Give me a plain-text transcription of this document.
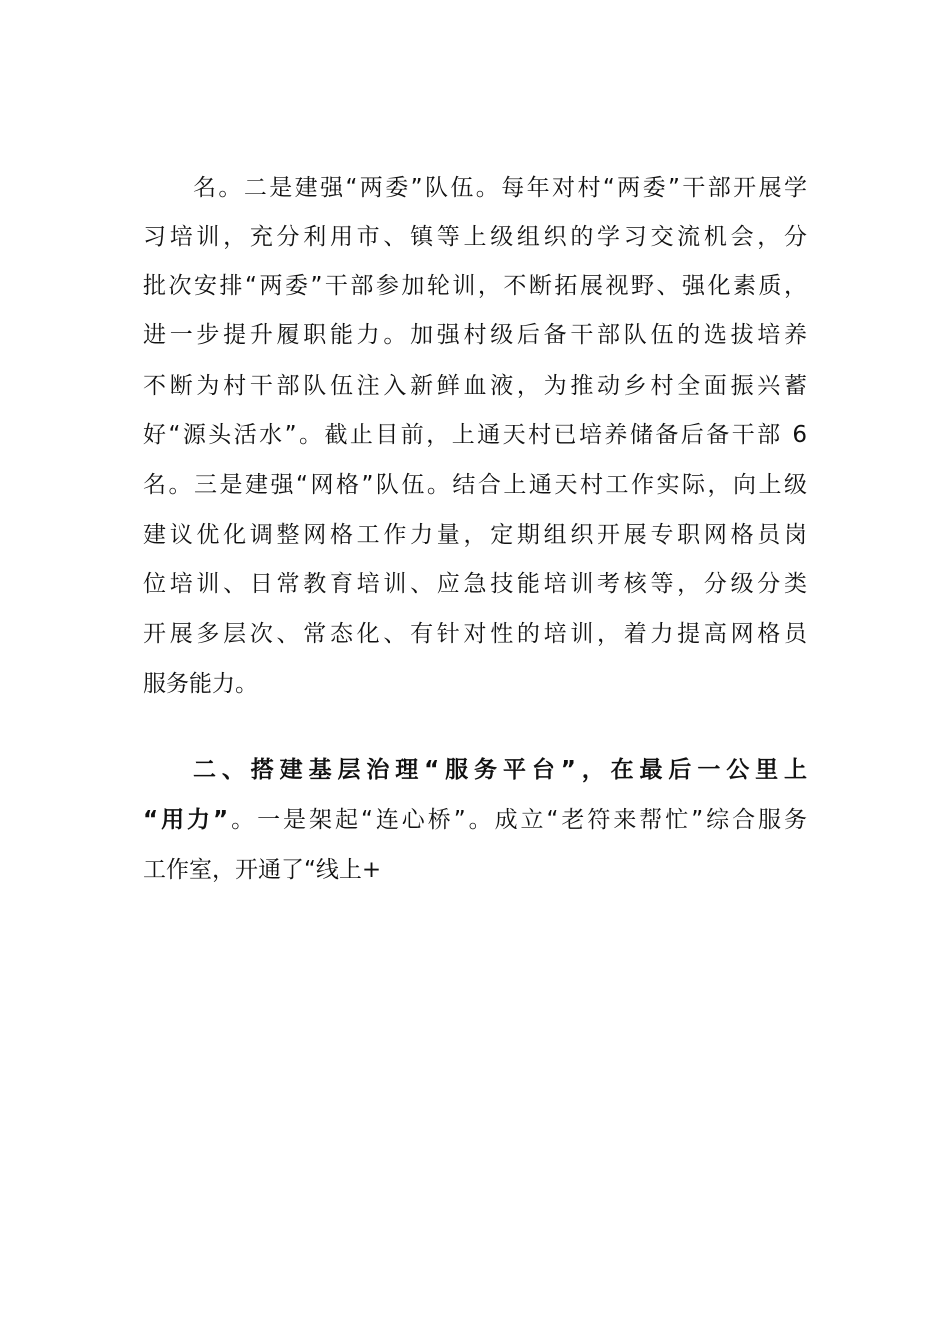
名。二是建强“两委”队伍。每年对村“两委”干部开展学
习培训，充分利用市、镇等上级组织的学习交流机会，分
批次安排“两委”干部参加轮训，不断拓展视野、强化素质，
进一步提升履职能力。加强村级后备干部队伍的选拔培养
不断为村干部队伍注入新鲜血液，为推动乡村全面振兴蓄
好“源头活水”。截止目前，上通天村已培养储备后备干部 6
名。三是建强“网格”队伍。结合上通天村工作实际，向上级
建议优化调整网格工作力量，定期组织开展专职网格员岗
位培训、日常教育培训、应急技能培训考核等，分级分类
开展多层次、常态化、有针对性的培训，着力提高网格员
服务能力。
二、搭建基层治理“服务平台”，在最后一公里上
“用力”。一是架起“连心桥”。成立“老符来帮忙”综合服务
工作室，开通了“线上+
